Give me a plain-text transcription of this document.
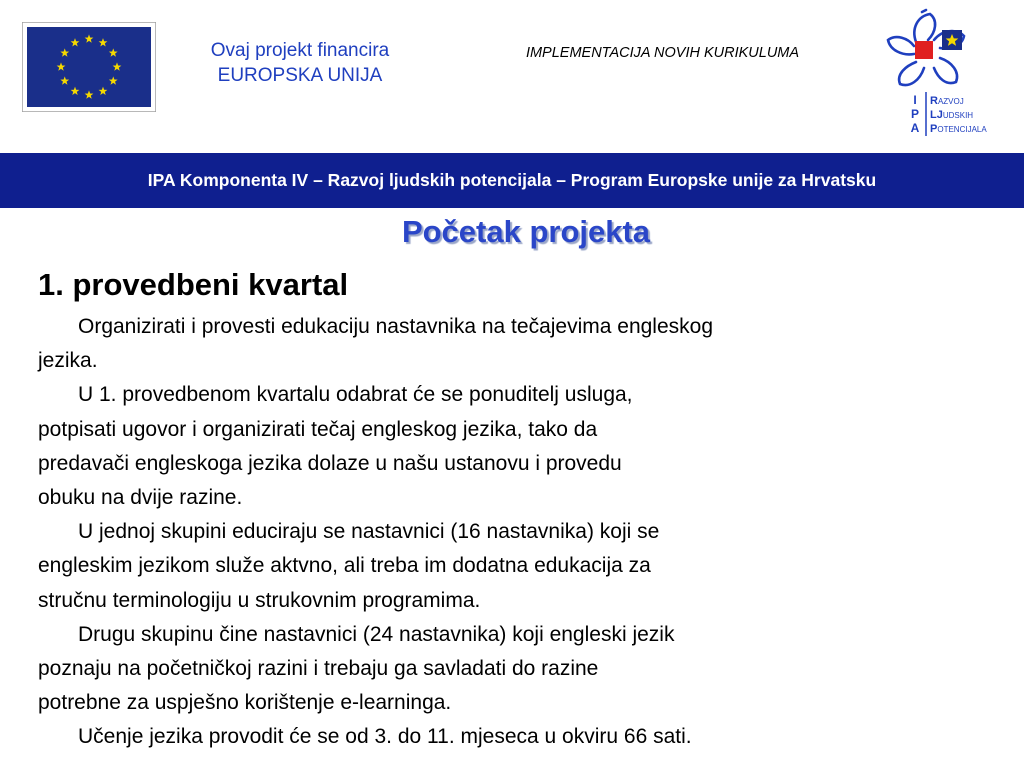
Ovaj projekt financira
EUROPSKA UNIJA
IMPLEMENTACIJA NOVIH KURIKULUMA
I
P
A
RAZVOJ
LJUDSKIH
POTENCIJALA
IPA Komponenta IV – Razvoj ljudskih potencijala – Program Europske unije za Hrvatsku
Početak projekta
1. provedbeni kvartal
Organizirati i provesti edukaciju nastavnika na tečajevima engleskog
jezika.
U 1. provedbenom kvartalu odabrat će se ponuditelj usluga,
potpisati ugovor i organizirati tečaj engleskog jezika, tako da
predavači engleskoga jezika dolaze u našu ustanovu i provedu
obuku na dvije razine.
U jednoj skupini educiraju se nastavnici (16 nastavnika) koji se
engleskim jezikom služe aktvno, ali treba im dodatna edukacija za
stručnu terminologiju u strukovnim programima.
Drugu skupinu čine nastavnici (24 nastavnika) koji engleski jezik
poznaju na početničkoj razini i trebaju ga savladati do razine
potrebne za uspješno korištenje e-learninga.
Učenje jezika provodit će se od 3. do 11. mjeseca u okviru 66 sati.
